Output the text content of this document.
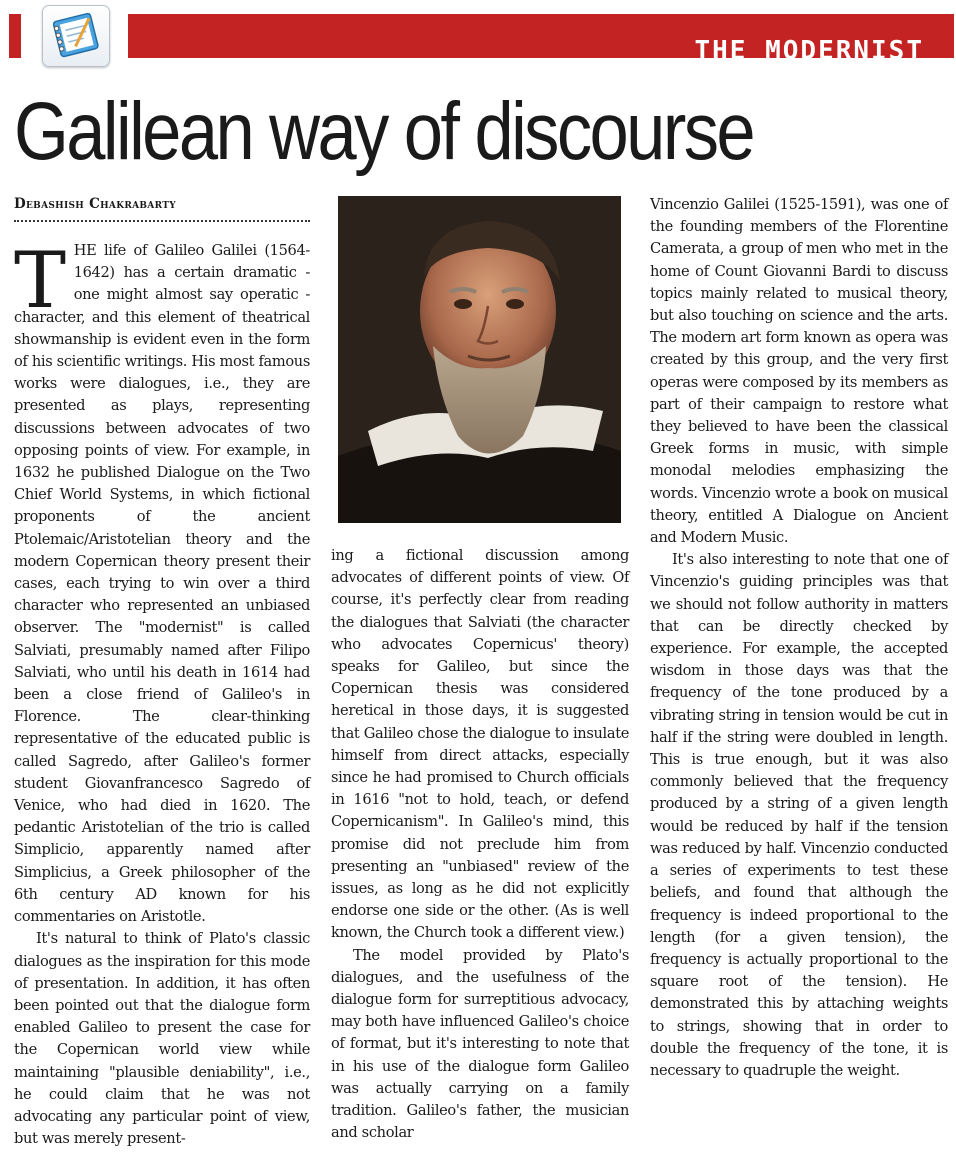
THE MODERNIST
Galilean way of discourse
Debashish Chakrabarty

THE life of Galileo Galilei (1564-1642) has a certain dramatic - one might almost say operatic - character, and this element of theatrical showmanship is evident even in the form of his scientific writings. His most famous works were dialogues, i.e., they are presented as plays, representing discussions between advocates of two opposing points of view. For example, in 1632 he published Dialogue on the Two Chief World Systems, in which fictional proponents of the ancient Ptolemaic/Aristotelian theory and the modern Copernican theory present their cases, each trying to win over a third character who represented an unbiased observer. The "modernist" is called Salviati, presumably named after Filipo Salviati, who until his death in 1614 had been a close friend of Galileo's in Florence. The clear-thinking representative of the educated public is called Sagredo, after Galileo's former student Giovanfrancesco Sagredo of Venice, who had died in 1620. The pedantic Aristotelian of the trio is called Simplicio, apparently named after Simplicius, a Greek philosopher of the 6th century AD known for his commentaries on Aristotle.

It's natural to think of Plato's classic dialogues as the inspiration for this mode of presentation. In addition, it has often been pointed out that the dialogue form enabled Galileo to present the case for the Copernican world view while maintaining "plausible deniability", i.e., he could claim that he was not advocating any particular point of view, but was merely present-

ing a fictional discussion among advocates of different points of view. Of course, it's perfectly clear from reading the dialogues that Salviati (the character who advocates Copernicus' theory) speaks for Galileo, but since the Copernican thesis was considered heretical in those days, it is suggested that Galileo chose the dialogue to insulate himself from direct attacks, especially since he had promised to Church officials in 1616 "not to hold, teach, or defend Copernicanism". In Galileo's mind, this promise did not preclude him from presenting an "unbiased" review of the issues, as long as he did not explicitly endorse one side or the other. (As is well known, the Church took a different view.)

The model provided by Plato's dialogues, and the usefulness of the dialogue form for surreptitious advocacy, may both have influenced Galileo's choice of format, but it's interesting to note that in his use of the dialogue form Galileo was actually carrying on a family tradition. Galileo's father, the musician and scholar

Vincenzio Galilei (1525-1591), was one of the founding members of the Florentine Camerata, a group of men who met in the home of Count Giovanni Bardi to discuss topics mainly related to musical theory, but also touching on science and the arts. The modern art form known as opera was created by this group, and the very first operas were composed by its members as part of their campaign to restore what they believed to have been the classical Greek forms in music, with simple monodal melodies emphasizing the words. Vincenzio wrote a book on musical theory, entitled A Dialogue on Ancient and Modern Music.

It's also interesting to note that one of Vincenzio's guiding principles was that we should not follow authority in matters that can be directly checked by experience. For example, the accepted wisdom in those days was that the frequency of the tone produced by a vibrating string in tension would be cut in half if the string were doubled in length. This is true enough, but it was also commonly believed that the frequency produced by a string of a given length would be reduced by half if the tension was reduced by half. Vincenzio conducted a series of experiments to test these beliefs, and found that although the frequency is indeed proportional to the length (for a given tension), the frequency is actually proportional to the square root of the tension). He demonstrated this by attaching weights to strings, showing that in order to double the frequency of the tone, it is necessary to quadruple the weight.
